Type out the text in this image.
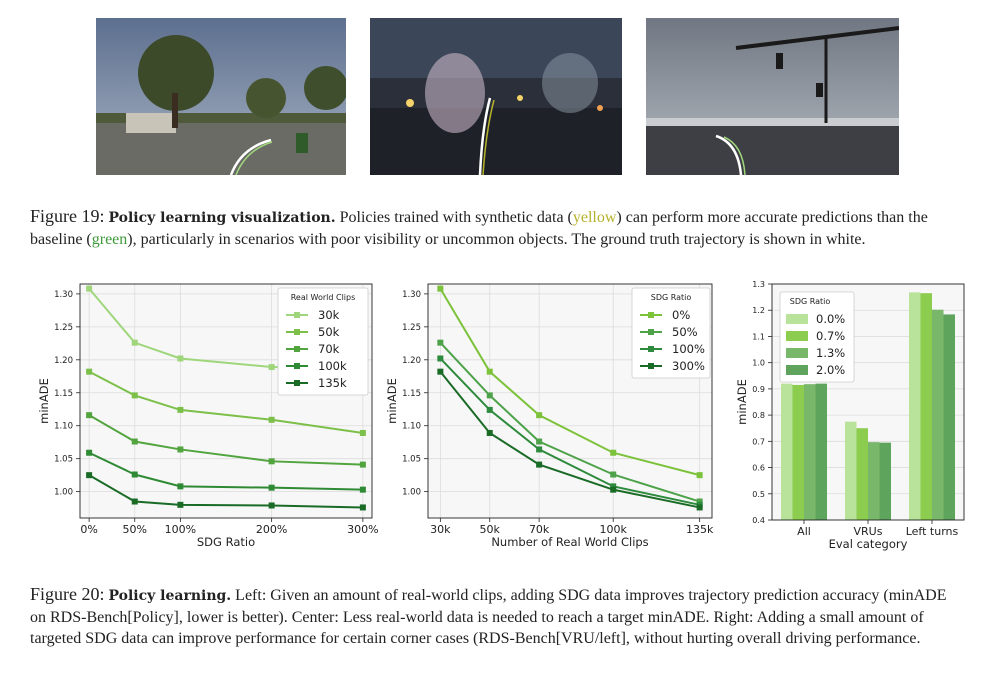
Figure 19: Policy learning visualization. Policies trained with synthetic data (yellow) can perform more accurate predictions than the baseline (green), particularly in scenarios with poor visibility or uncommon objects. The ground truth trajectory is shown in white.
1.00
1.05
1.10
1.15
1.20
1.25
1.30
0% 50% 100%	200%	300%
SDG Ratio
minADE
Real World Clips
30k
50k
70k
100k
135k
1.00
1.05
1.10
1.15
1.20
1.25
1.30
30k	50k	70k	100k	135k
Number of Real World Clips
minADE
SDG Ratio
0%
50%
100%
300%
0.4
0.5
0.6
0.7
0.8
0.9
1.0
1.1
1.2
1.3
All	VRUs Left turns
Eval category
minADE
SDG Ratio
0.0%
0.7%
1.3%
2.0%
Figure 20: Policy learning. Left: Given an amount of real-world clips, adding SDG data improves trajectory prediction accuracy (minADE on RDS-Bench[Policy], lower is better). Center: Less real-world data is needed to reach a target minADE. Right: Adding a small amount of targeted SDG data can improve performance for certain corner cases (RDS-Bench[VRU/left], without hurting overall driving performance.
